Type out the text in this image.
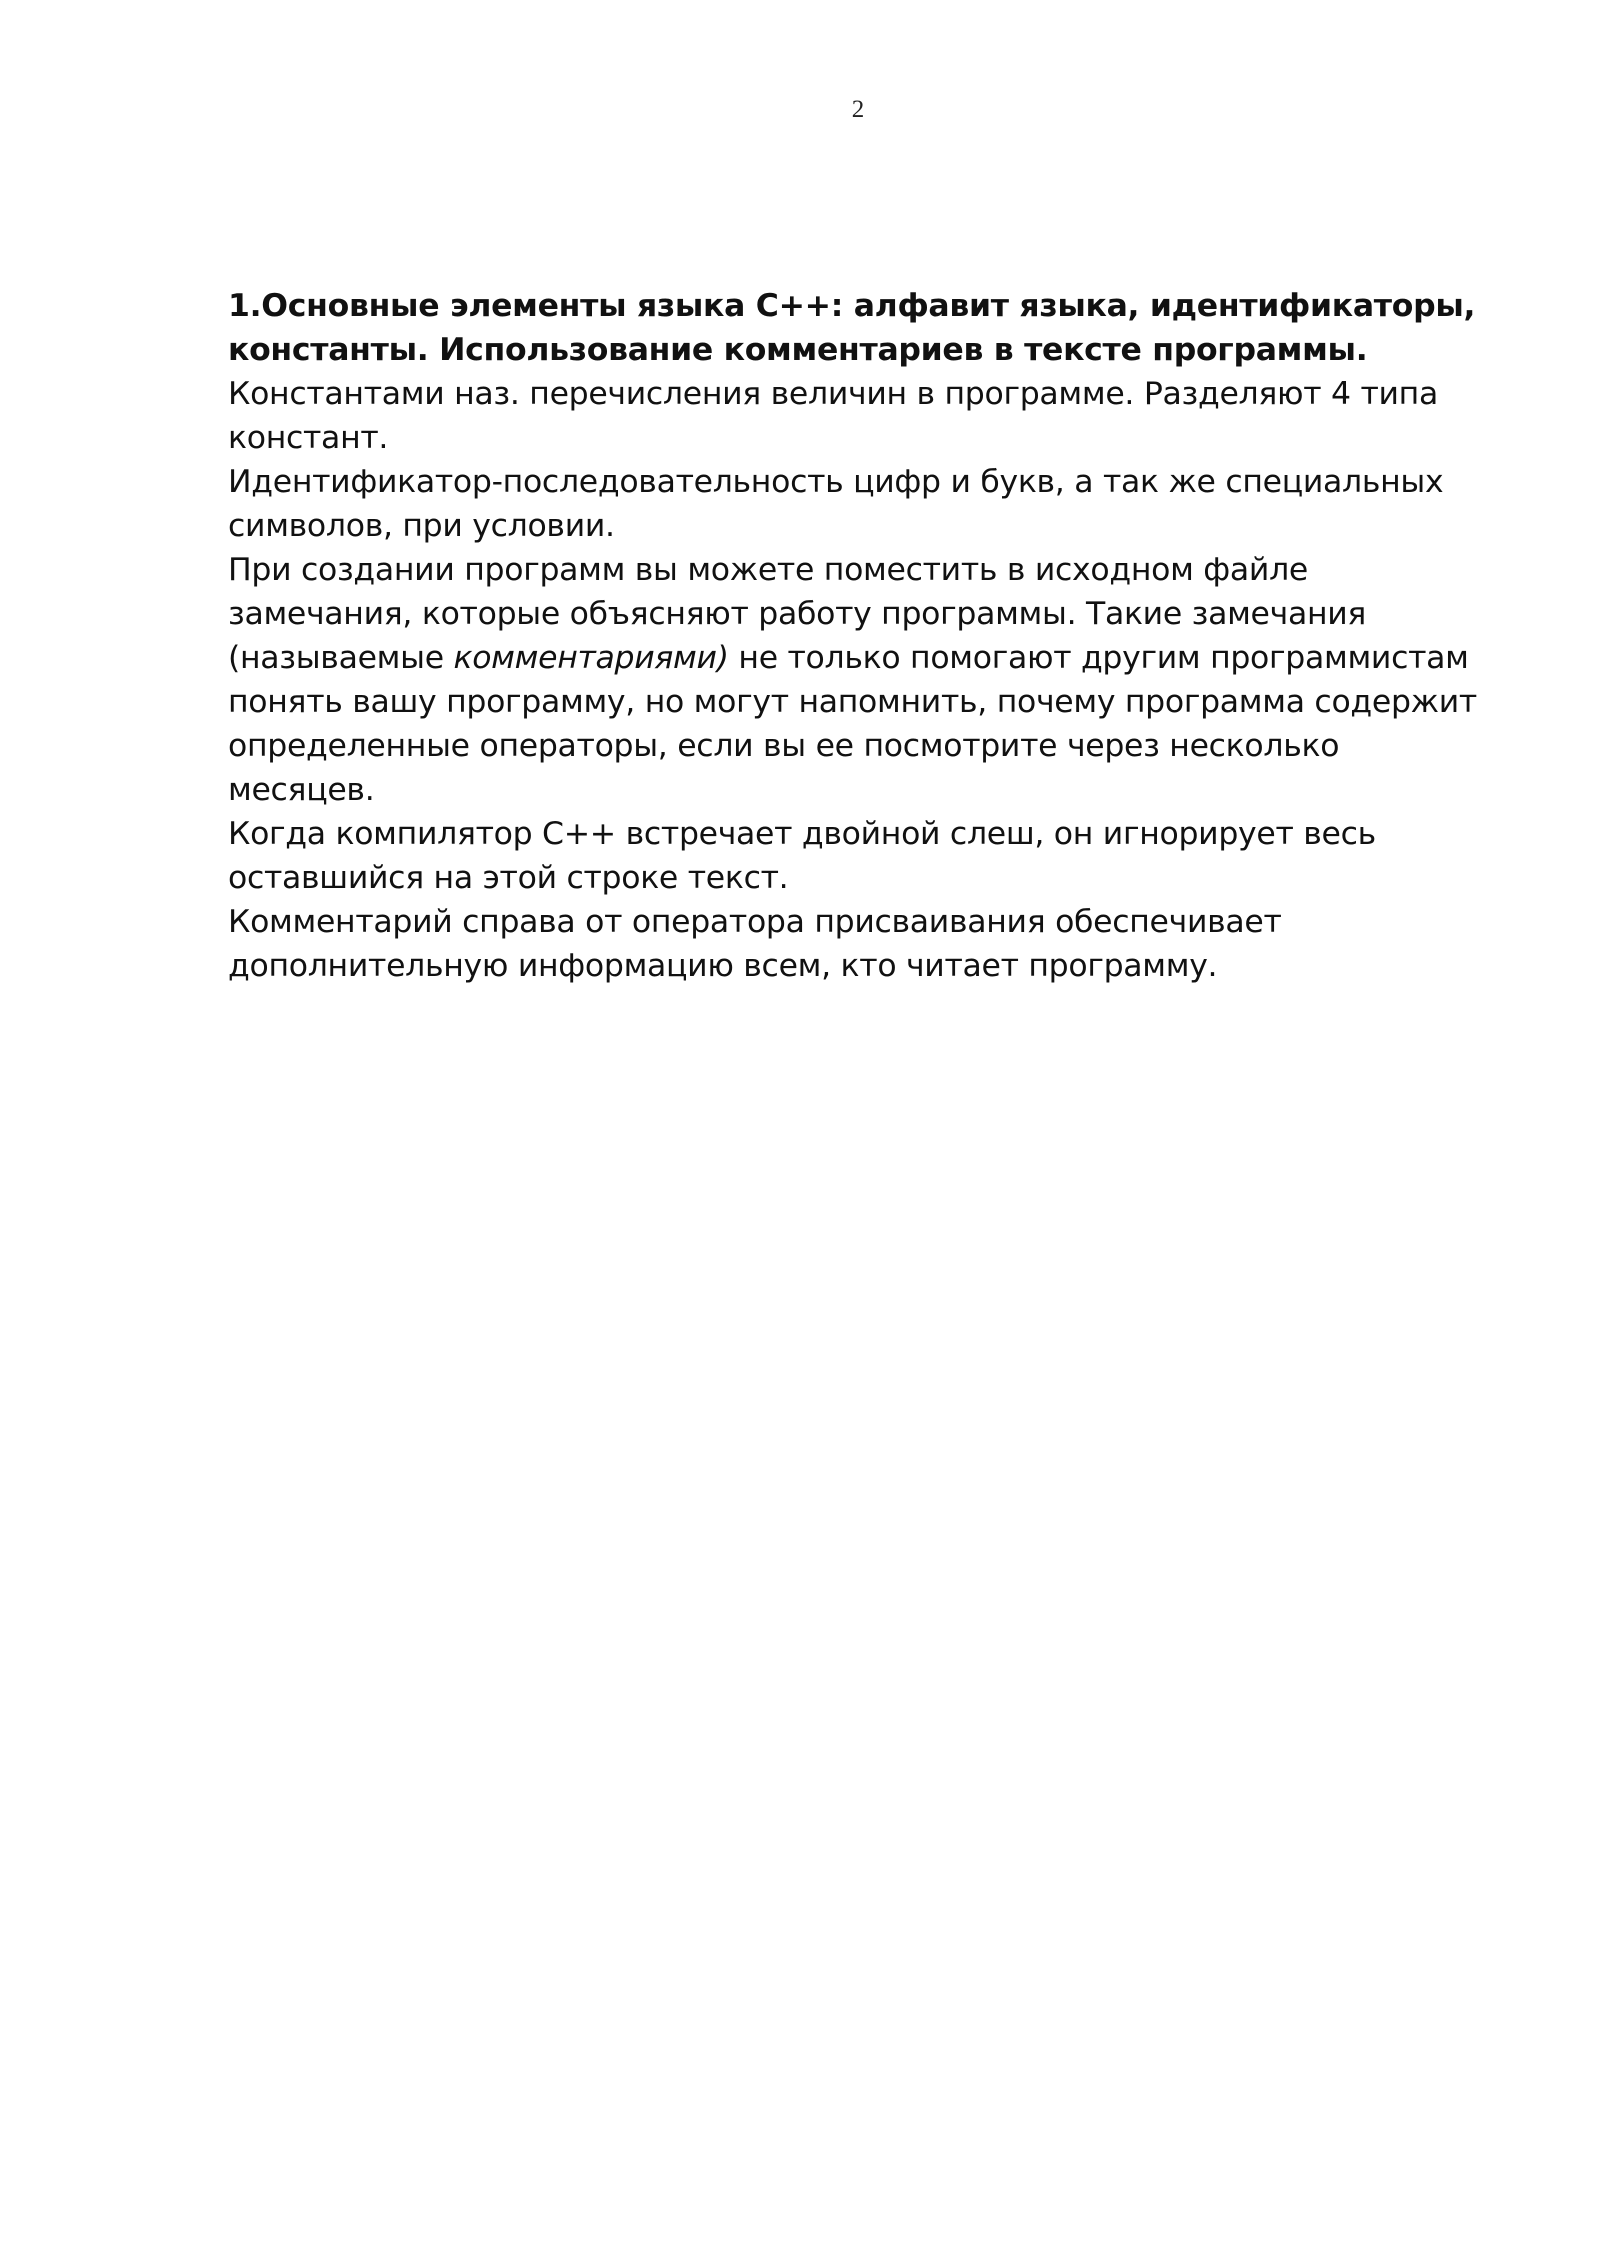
2

1.Основные элементы языка С++: алфавит языка, идентификаторы, константы. Использование комментариев в тексте программы.

Константами наз. перечисления величин в программе. Разделяют 4 типа констант.

Идентификатор-последовательность цифр и букв, а так же специальных символов, при условии.

При создании программ вы можете поместить в исходном файле замечания, которые объясняют работу программы. Такие замечания (называемые комментариями) не только помогают другим программистам понять вашу программу, но могут напомнить, почему программа содержит определенные операторы, если вы ее посмотрите через несколько месяцев.

Когда компилятор С++ встречает двойной слеш, он игнорирует весь оставшийся на этой строке текст.

Комментарий справа от оператора присваивания обеспечивает дополнительную информацию всем, кто читает программу.
